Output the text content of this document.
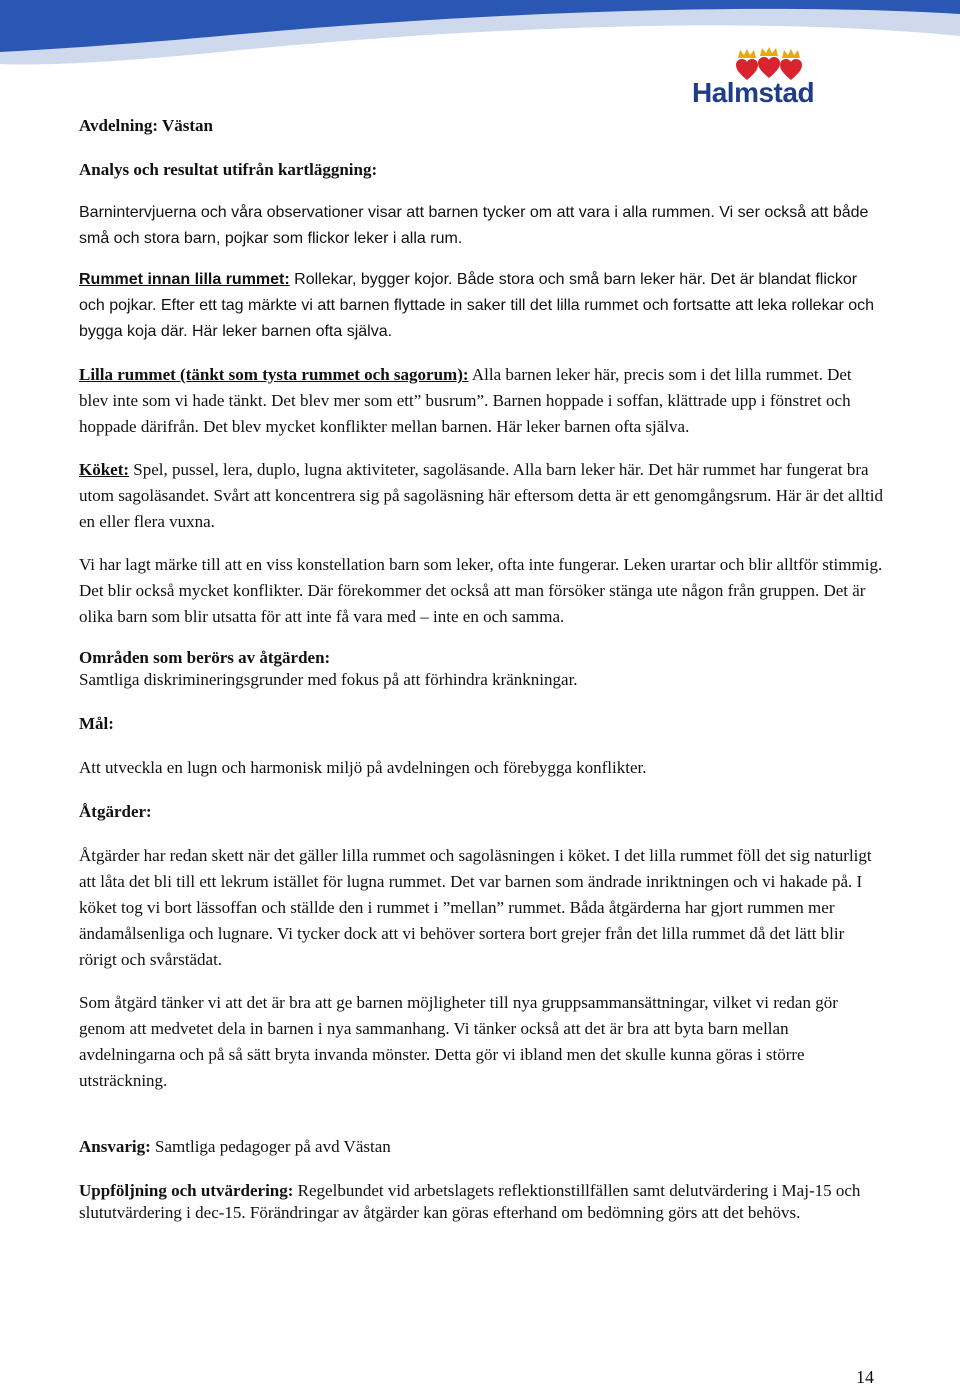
Halmstad

Avdelning: Västan

Analys och resultat utifrån kartläggning:

Barnintervjuerna och våra observationer visar att barnen tycker om att vara i alla rummen. Vi ser också att både små och stora barn, pojkar som flickor leker i alla rum.

Rummet innan lilla rummet: Rollekar, bygger kojor. Både stora och små barn leker här. Det är blandat flickor och pojkar. Efter ett tag märkte vi att barnen flyttade in saker till det lilla rummet och fortsatte att leka rollekar och bygga koja där. Här leker barnen ofta själva.

Lilla rummet (tänkt som tysta rummet och sagorum): Alla barnen leker här, precis som i det lilla rummet. Det blev inte som vi hade tänkt. Det blev mer som ett” busrum”. Barnen hoppade i soffan, klättrade upp i fönstret och hoppade därifrån. Det blev mycket konflikter mellan barnen. Här leker barnen ofta själva.

Köket: Spel, pussel, lera, duplo, lugna aktiviteter, sagoläsande. Alla barn leker här. Det här rummet har fungerat bra utom sagoläsandet. Svårt att koncentrera sig på sagoläsning här eftersom detta är ett genomgångsrum. Här är det alltid en eller flera vuxna.

Vi har lagt märke till att en viss konstellation barn som leker, ofta inte fungerar. Leken urartar och blir alltför stimmig. Det blir också mycket konflikter. Där förekommer det också att man försöker stänga ute någon från gruppen. Det är olika barn som blir utsatta för att inte få vara med – inte en och samma.

Områden som berörs av åtgärden:

Samtliga diskrimineringsgrunder med fokus på att förhindra kränkningar.

Mål:

Att utveckla en lugn och harmonisk miljö på avdelningen och förebygga konflikter.

Åtgärder:

Åtgärder har redan skett när det gäller lilla rummet och sagoläsningen i köket. I det lilla rummet föll det sig naturligt att låta det bli till ett lekrum istället för lugna rummet. Det var barnen som ändrade inriktningen och vi hakade på. I köket tog vi bort lässoffan och ställde den i rummet i ”mellan” rummet. Båda åtgärderna har gjort rummen mer ändamålsenliga och lugnare. Vi tycker dock att vi behöver sortera bort grejer från det lilla rummet då det lätt blir rörigt och svårstädat.

Som åtgärd tänker vi att det är bra att ge barnen möjligheter till nya gruppsammansättningar, vilket vi redan gör genom att medvetet dela in barnen i nya sammanhang. Vi tänker också att det är bra att byta barn mellan avdelningarna och på så sätt bryta invanda mönster. Detta gör vi ibland men det skulle kunna göras i större utsträckning.

Ansvarig: Samtliga pedagoger på avd Västan

Uppföljning och utvärdering: Regelbundet vid arbetslagets reflektionstillfällen samt delutvärdering i Maj-15 och slututvärdering i dec-15. Förändringar av åtgärder kan göras efterhand om bedömning görs att det behövs.

14
